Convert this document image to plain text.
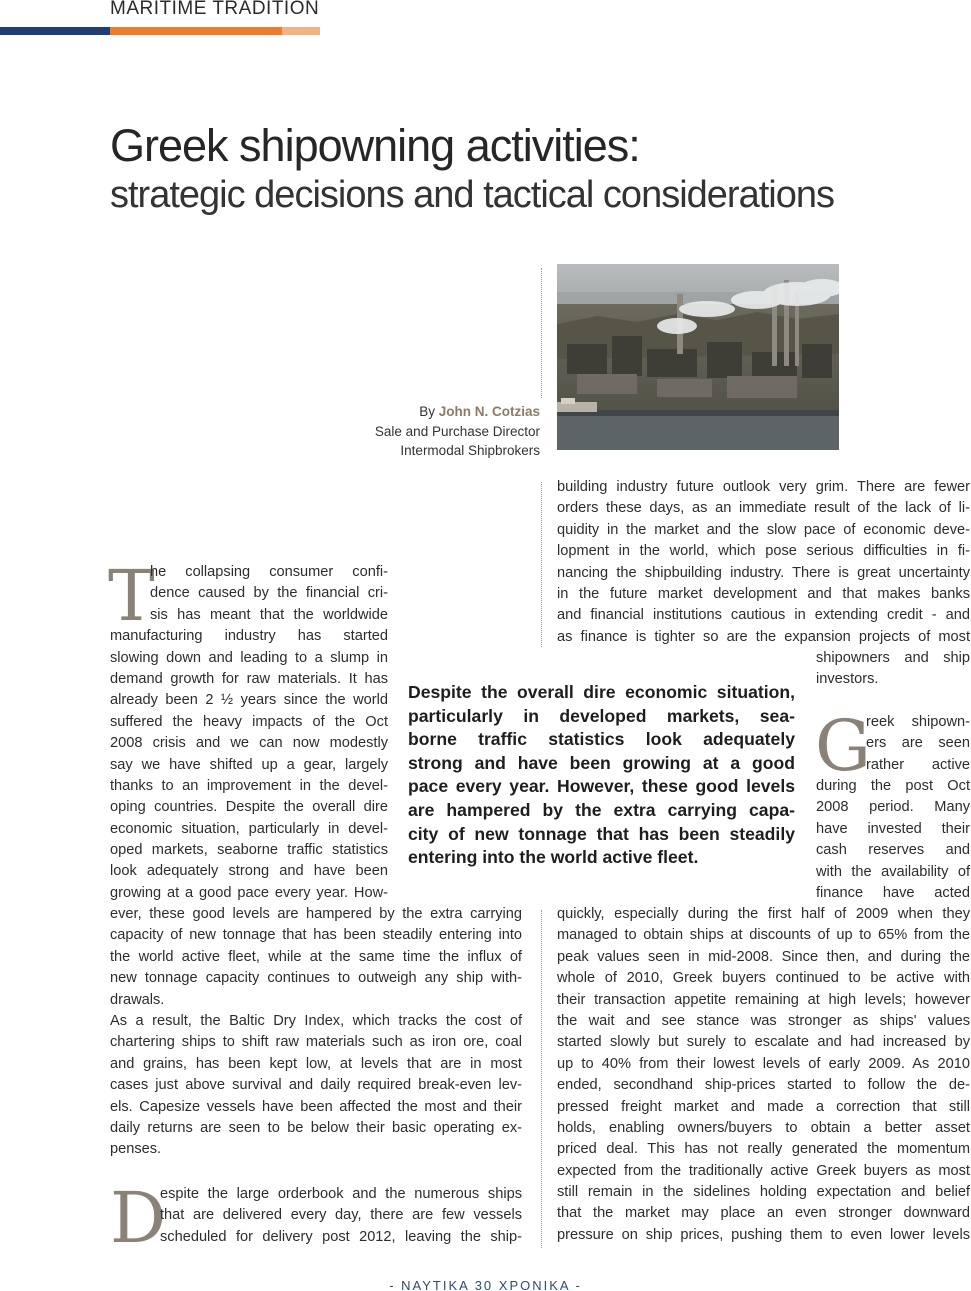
MARITIME TRADITION
Greek shipowning activities:
strategic decisions and tactical considerations
By John N. Cotzias
Sale and Purchase Director
Intermodal Shipbrokers
T
he collapsing consumer confi-
dence caused by the financial cri-
sis has meant that the worldwide
manufacturing industry has started
slowing down and leading to a slump in
demand growth for raw materials. It has
already been 2 ½ years since the world
suffered the heavy impacts of the Oct
2008 crisis and we can now modestly
say we have shifted up a gear, largely
thanks to an improvement in the devel-
oping countries. Despite the overall dire
economic situation, particularly in devel-
oped markets, seaborne traffic statistics
look adequately strong and have been
growing at a good pace every year. How-
ever, these good levels are hampered by the extra carrying
capacity of new tonnage that has been steadily entering into
the world active fleet, while at the same time the influx of
new tonnage capacity continues to outweigh any ship with-
drawals.
As a result, the Baltic Dry Index, which tracks the cost of
chartering ships to shift raw materials such as iron ore, coal
and grains, has been kept low, at levels that are in most
cases just above survival and daily required break-even lev-
els. Capesize vessels have been affected the most and their
daily returns are seen to be below their basic operating ex-
penses.
D
espite the large orderbook and the numerous ships
that are delivered every day, there are few vessels
scheduled for delivery post 2012, leaving the ship-
building industry future outlook very grim. There are fewer
orders these days, as an immediate result of the lack of li-
quidity in the market and the slow pace of economic deve-
lopment in the world, which pose serious difficulties in fi-
nancing the shipbuilding industry. There is great uncertainty
in the future market development and that makes banks
and financial institutions cautious in extending credit - and
as finance is tighter so are the expansion projects of most
shipowners and ship
investors.
G
reek shipown-
ers are seen
rather active
during the post Oct
2008 period. Many
have invested their
cash reserves and
with the availability of
finance have acted
quickly, especially during the first half of 2009 when they
managed to obtain ships at discounts of up to 65% from the
peak values seen in mid-2008. Since then, and during the
whole of 2010, Greek buyers continued to be active with
their transaction appetite remaining at high levels; however
the wait and see stance was stronger as ships' values
started slowly but surely to escalate and had increased by
up to 40% from their lowest levels of early 2009. As 2010
ended, secondhand ship-prices started to follow the de-
pressed freight market and made a correction that still
holds, enabling owners/buyers to obtain a better asset
priced deal. This has not really generated the momentum
expected from the traditionally active Greek buyers as most
still remain in the sidelines holding expectation and belief
that the market may place an even stronger downward
pressure on ship prices, pushing them to even lower levels
Despite the overall dire economic situation,
particularly in developed markets, sea-
borne traffic statistics look adequately
strong and have been growing at a good
pace every year. However, these good levels
are hampered by the extra carrying capa-
city of new tonnage that has been steadily
entering into the world active fleet.
- ΝΑΥΤΙΚΑ 30 ΧΡΟΝΙΚΑ -
